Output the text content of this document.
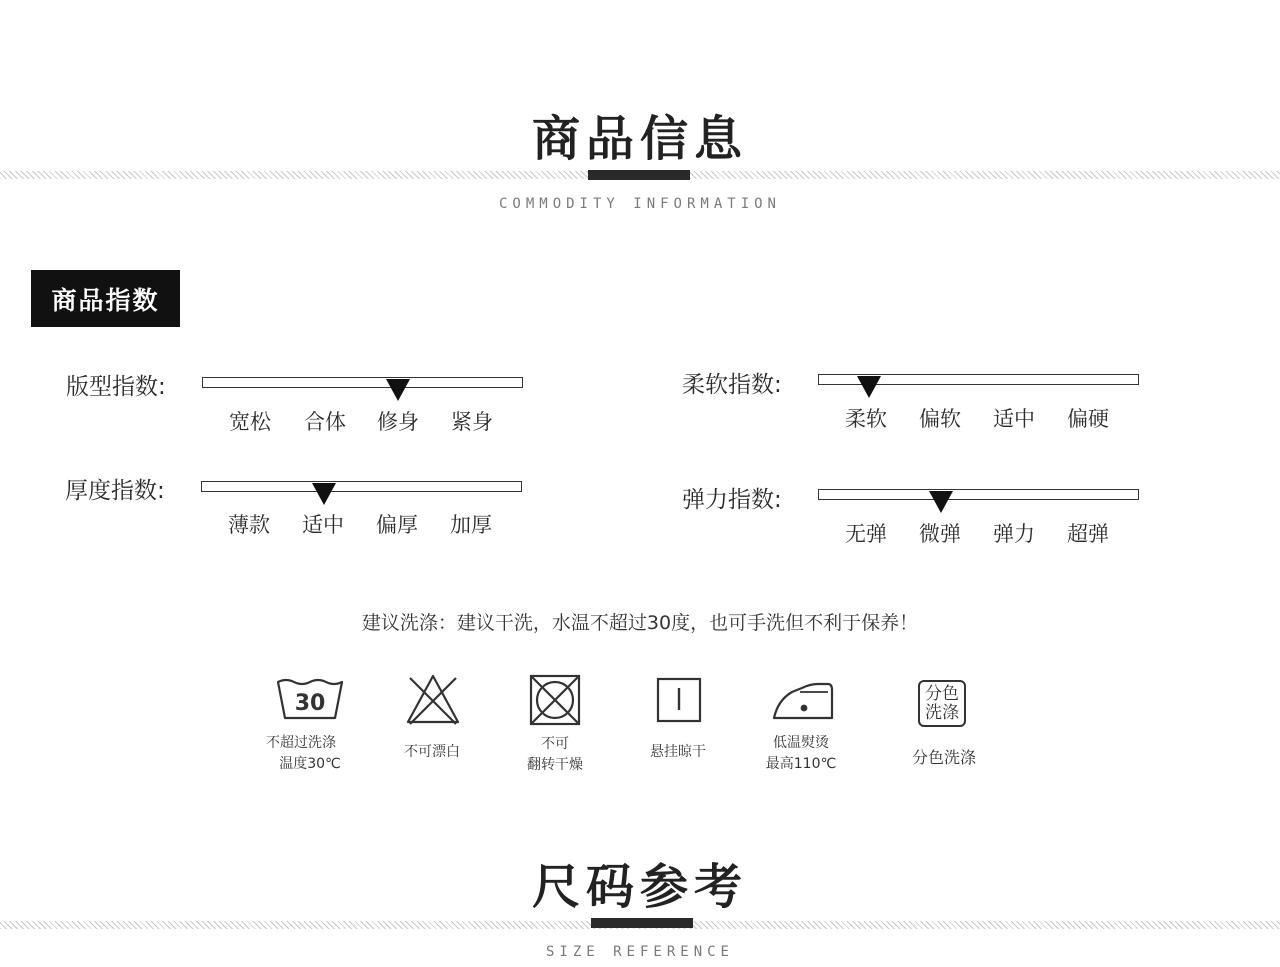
商品信息
COMMODITY INFORMATION
商品指数
版型指数:
宽松 合体 修身 紧身
柔软指数:
柔软 偏软 适中 偏硬
厚度指数:
薄款 适中 偏厚 加厚
弹力指数:
无弹 微弹 弹力 超弹
建议洗涤：建议干洗，水温不超过30度，也可手洗但不利于保养！
30
不超过洗涤
温度30℃
不可漂白	不可
翻转干燥
悬挂晾干
低温熨烫
最高110℃
分色
洗涤
分色洗涤
尺码参考
SIZE REFERENCE
